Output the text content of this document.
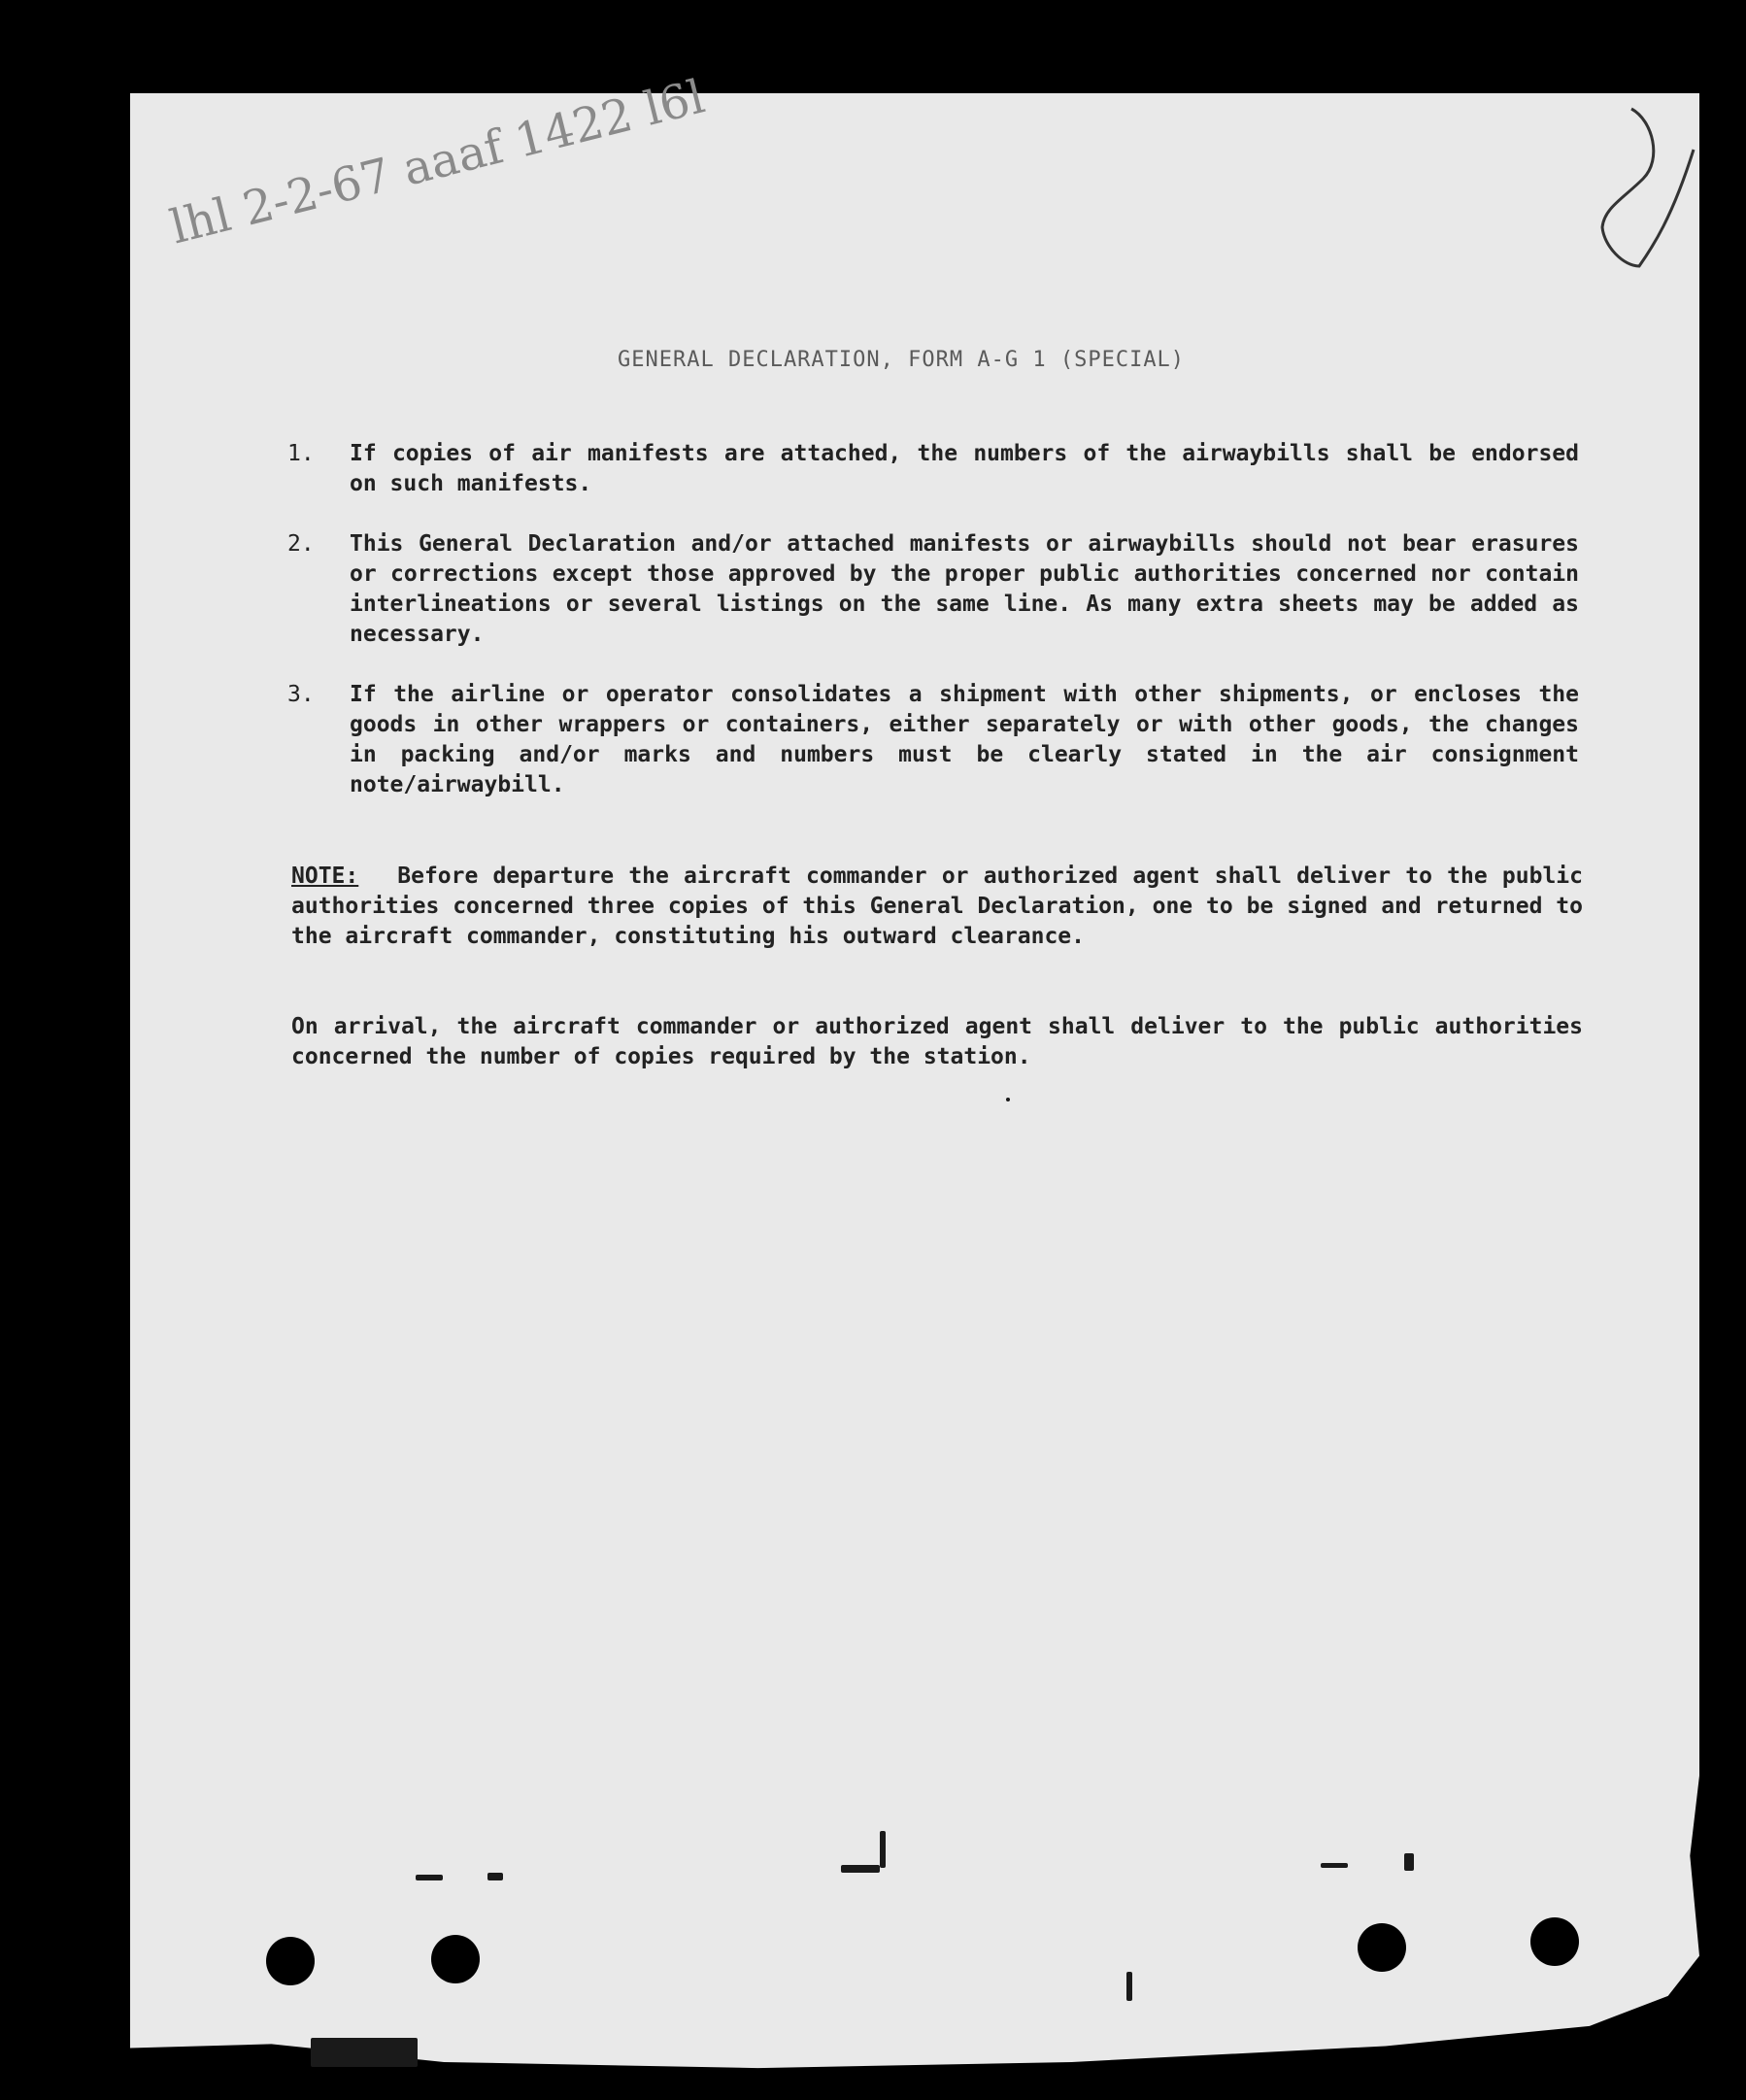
lhl 2-2-67 aaaf 1422 l6l
GENERAL DECLARATION, FORM A-G 1 (SPECIAL)
1.	If copies of air manifests are attached, the numbers of the airwaybills shall be endorsed on such manifests.
2.	This General Declaration and/or attached manifests or airwaybills should not bear erasures or corrections except those approved by the proper public authorities concerned nor contain interlineations or several listings on the same line. As many extra sheets may be added as necessary.
3.	If the airline or operator consolidates a shipment with other shipments, or encloses the goods in other wrappers or containers, either separately or with other goods, the changes in packing and/or marks and numbers must be clearly stated in the air consignment note/airwaybill.
NOTE: Before departure the aircraft commander or authorized agent shall deliver to the public authorities concerned three copies of this General Declaration, one to be signed and returned to the aircraft commander, constituting his outward clearance.
On arrival, the aircraft commander or authorized agent shall deliver to the public authorities concerned the number of copies required by the station.
